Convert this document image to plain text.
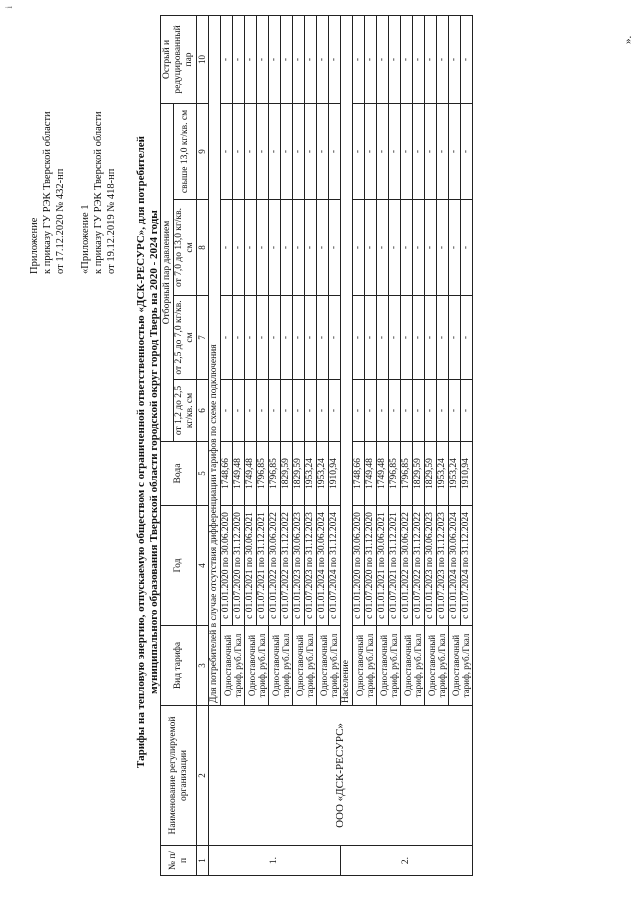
i
Приложение к приказу ГУ РЭК Тверской области от 17.12.2020 № 432-нп «Приложение 1 к приказу ГУ РЭК Тверской области от 19.12.2019 № 418-нп Тарифы на тепловую энергию, отпускаемую обществом с ограниченной ответственностью «ДСК-РЕСУРС», для потребителей муниципального образования Тверской области городской округ город Тверь на 2020 - 2024 годы
№ п/ п	Наименование регулируемой организации	Вид тарифа	Год	Вода	Отборный пар давлением				Острый и редуцированный пар
					от 1,2 до 2,5 кг/кв. см	от 2,5 до 7,0 кг/кв. см	от 7,0 до 13,0 кг/кв. см	свыше 13,0 кг/кв. см	
1	2	3	4	5	6	7	8	9	10
1.	ООО «ДСК-РЕСУРС»	Для потребителей в случае отсутствия дифференциации тарифов по схеме подключения							
		Одноставочный тариф, руб./Гкал	с 01.01.2020 по 30.06.2020	1748,66	-	-	-	-	-
			с 01.07.2020 по 31.12.2020	1749,48	-	-	-	-	-
		Одноставочный тариф, руб./Гкал	с 01.01.2021 по 30.06.2021	1749,48	-	-	-	-	-
			с 01.07.2021 по 31.12.2021	1796,85	-	-	-	-	-
		Одноставочный тариф, руб./Гкал	с 01.01.2022 по 30.06.2022	1796,85	-	-	-	-	-
			с 01.07.2022 по 31.12.2022	1829,59	-	-	-	-	-
		Одноставочный тариф, руб./Гкал	с 01.01.2023 по 30.06.2023	1829,59	-	-	-	-	-
			с 01.07.2023 по 31.12.2023	1953,24	-	-	-	-	-
		Одноставочный тариф, руб./Гкал	с 01.01.2024 по 30.06.2024	1953,24	-	-	-	-	-
			с 01.07.2024 по 31.12.2024	1910,94	-	-	-	-	-
2.		Население							
		Одноставочный тариф, руб./Гкал	с 01.01.2020 по 30.06.2020	1748,66	-	-	-	-	-
			с 01.07.2020 по 31.12.2020	1749,48	-	-	-	-	-
		Одноставочный тариф, руб./Гкал	с 01.01.2021 по 30.06.2021	1749,48	-	-	-	-	-
			с 01.07.2021 по 31.12.2021	1796,85	-	-	-	-	-
		Одноставочный тариф, руб./Гкал	с 01.01.2022 по 30.06.2022	1796,85	-	-	-	-	-
			с 01.07.2022 по 31.12.2022	1829,59	-	-	-	-	-
		Одноставочный тариф, руб./Гкал	с 01.01.2023 по 30.06.2023	1829,59	-	-	-	-	-
			с 01.07.2023 по 31.12.2023	1953,24	-	-	-	-	-
		Одноставочный тариф, руб./Гкал	с 01.01.2024 по 30.06.2024	1953,24	-	-	-	-	-
			с 01.07.2024 по 31.12.2024	1910,94	-	-	-	-	-
».
